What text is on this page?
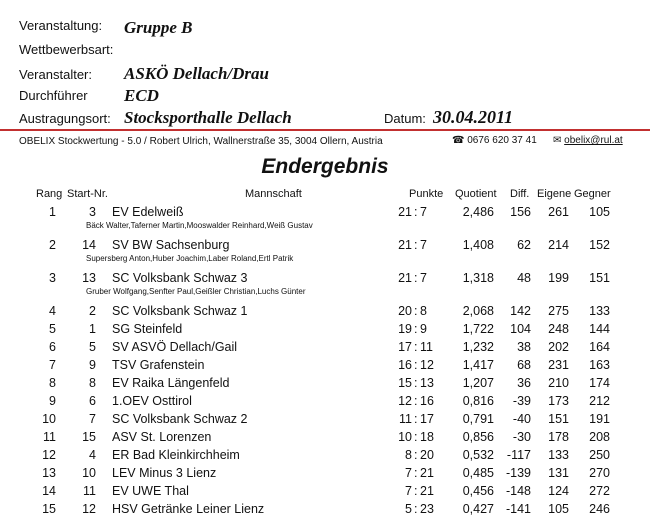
Veranstaltung: Gruppe B
Wettbewerbsart:
Veranstalter: ASKÖ Dellach/Drau
Durchführer ECD
Austragungsort: Stocksporthalle Dellach	Datum: 30.04.2011
OBELIX Stockwertung - 5.0 / Robert Ulrich, Wallnerstraße 35, 3004 Ollern, Austria	☎ 0676 620 37 41 ✉ obelix@rul.at
Endergebnis
Rang Start-Nr.	Mannschaft	Punkte Quotient Diff. Eigene Gegner
1	3 EV Edelweiß	21 7	2,486	156	261	105
:
Bäck Walter,Taferner Martin,Mooswalder Reinhard,Weiß Gustav
2	14 SV BW Sachsenburg	21 7	1,408	62	214	152
:
Supersberg Anton,Huber Joachim,Laber Roland,Ertl Patrik
3	13 SC Volksbank Schwaz 3	21 7	1,318	48	199	151
:
Gruber Wolfgang,Senfter Paul,Geißler Christian,Luchs Günter
4	2 SC Volksbank Schwaz 1	20 8	2,068	142	275	133
:
5	1 SG Steinfeld	19 9	1,722	104	248	144
:
6	5 SV ASVÖ Dellach/Gail	17 11	1,232	38	202	164
:
7	9 TSV Grafenstein	16 12	1,417	68	231	163
:
8	8 EV Raika Längenfeld	15 13	1,207	36	210	174
:
9	6 1.OEV Osttirol	12 16	0,816	-39	173	212
:
10	7 SC Volksbank Schwaz 2	11 17	0,791	-40	151	191
:
11	15 ASV St. Lorenzen	10 18	0,856	-30	178	208
:
12	4 ER Bad Kleinkirchheim	8 20	0,532	-117	133	250
:
13	10 LEV Minus 3 Lienz	7 21	0,485 -139	131	270
:
14	11 EV UWE Thal	7 21	0,456 -148	124	272
:
15	12 HSV Getränke Leiner Lienz	5 23	0,427 -141	105	246
:
